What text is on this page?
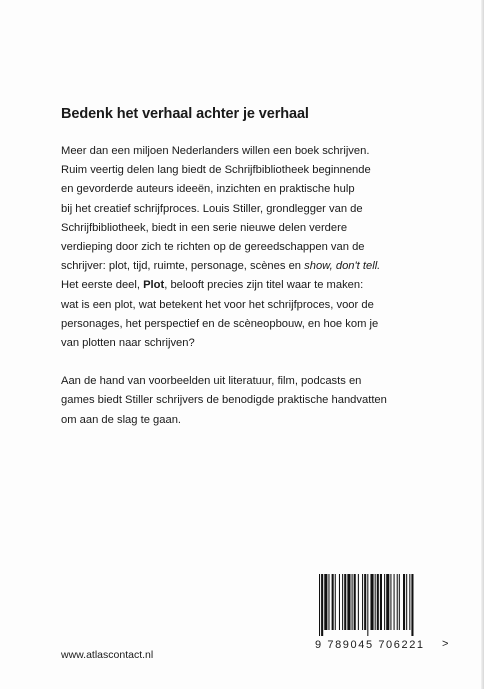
Bedenk het verhaal achter je verhaal

Meer dan een miljoen Nederlanders willen een boek schrijven.
Ruim veertig delen lang biedt de Schrijfbibliotheek beginnende
en gevorderde auteurs ideeën, inzichten en praktische hulp
bij het creatief schrijfproces. Louis Stiller, grondlegger van de
Schrijfbibliotheek, biedt in een serie nieuwe delen verdere
verdieping door zich te richten op de gereedschappen van de
schrijver: plot, tijd, ruimte, personage, scènes en show, don't tell.
Het eerste deel, Plot, belooft precies zijn titel waar te maken:
wat is een plot, wat betekent het voor het schrijfproces, voor de
personages, het perspectief en de scèneopbouw, en hoe kom je
van plotten naar schrijven?

Aan de hand van voorbeelden uit literatuur, film, podcasts en
games biedt Stiller schrijvers de benodigde praktische handvatten
om aan de slag te gaan.

www.atlascontact.nl
9 789045 706221	>
